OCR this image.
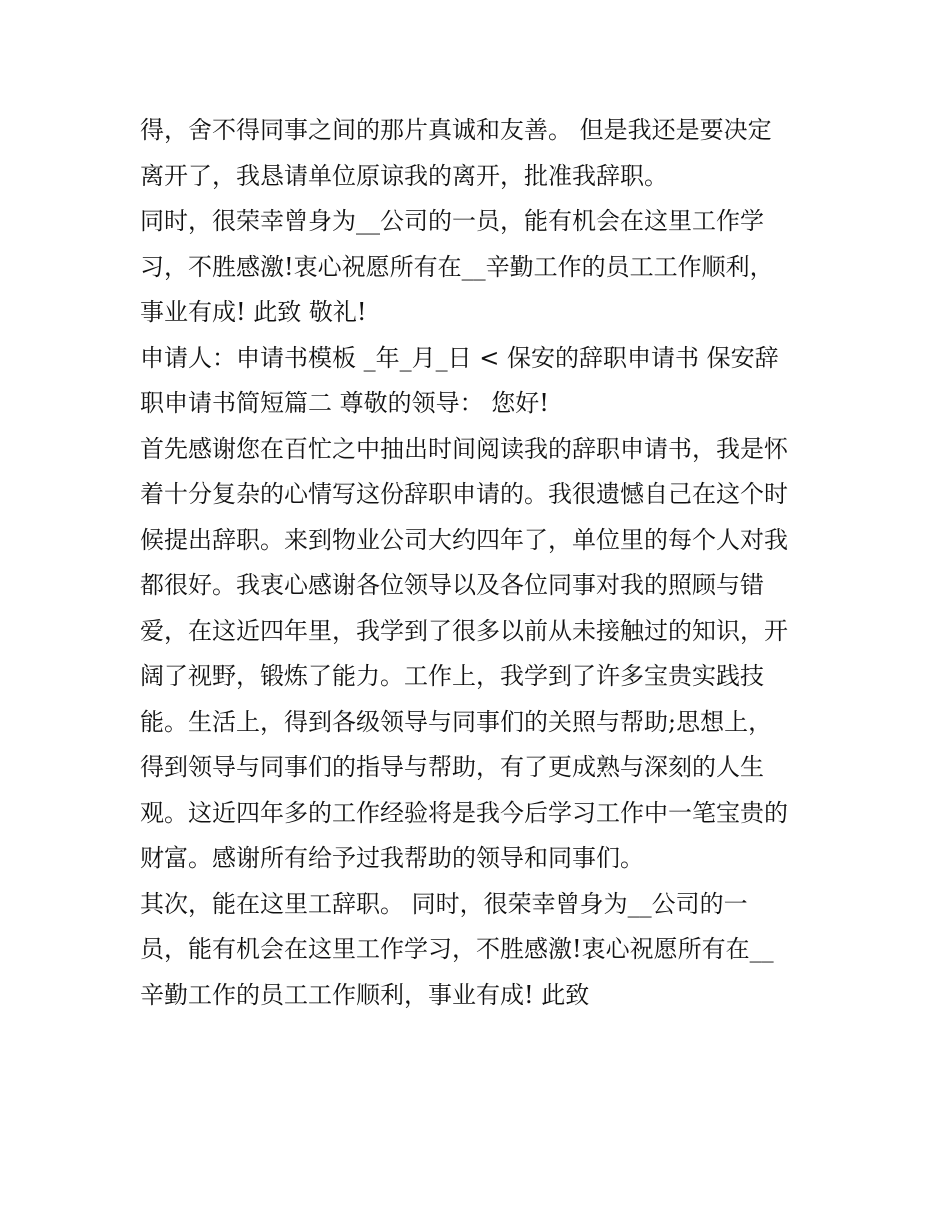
得，舍不得同事之间的那片真诚和友善。 但是我还是要决定
离开了，我恳请单位原谅我的离开，批准我辞职。
同时，很荣幸曾身为__公司的一员，能有机会在这里工作学
习，不胜感激!衷心祝愿所有在__辛勤工作的员工工作顺利，
事业有成! 此致 敬礼!
申请人：申请书模板 _年_月_日 < 保安的辞职申请书 保安辞
职申请书简短篇二 尊敬的领导： 您好!
首先感谢您在百忙之中抽出时间阅读我的辞职申请书，我是怀
着十分复杂的心情写这份辞职申请的。我很遗憾自己在这个时
候提出辞职。来到物业公司大约四年了，单位里的每个人对我
都很好。我衷心感谢各位领导以及各位同事对我的照顾与错
爱，在这近四年里，我学到了很多以前从未接触过的知识，开
阔了视野，锻炼了能力。工作上，我学到了许多宝贵实践技
能。生活上，得到各级领导与同事们的关照与帮助;思想上，
得到领导与同事们的指导与帮助，有了更成熟与深刻的人生
观。这近四年多的工作经验将是我今后学习工作中一笔宝贵的
财富。感谢所有给予过我帮助的领导和同事们。
其次，能在这里工辞职。 同时，很荣幸曾身为__公司的一
员，能有机会在这里工作学习，不胜感激!衷心祝愿所有在__
辛勤工作的员工工作顺利，事业有成! 此致
